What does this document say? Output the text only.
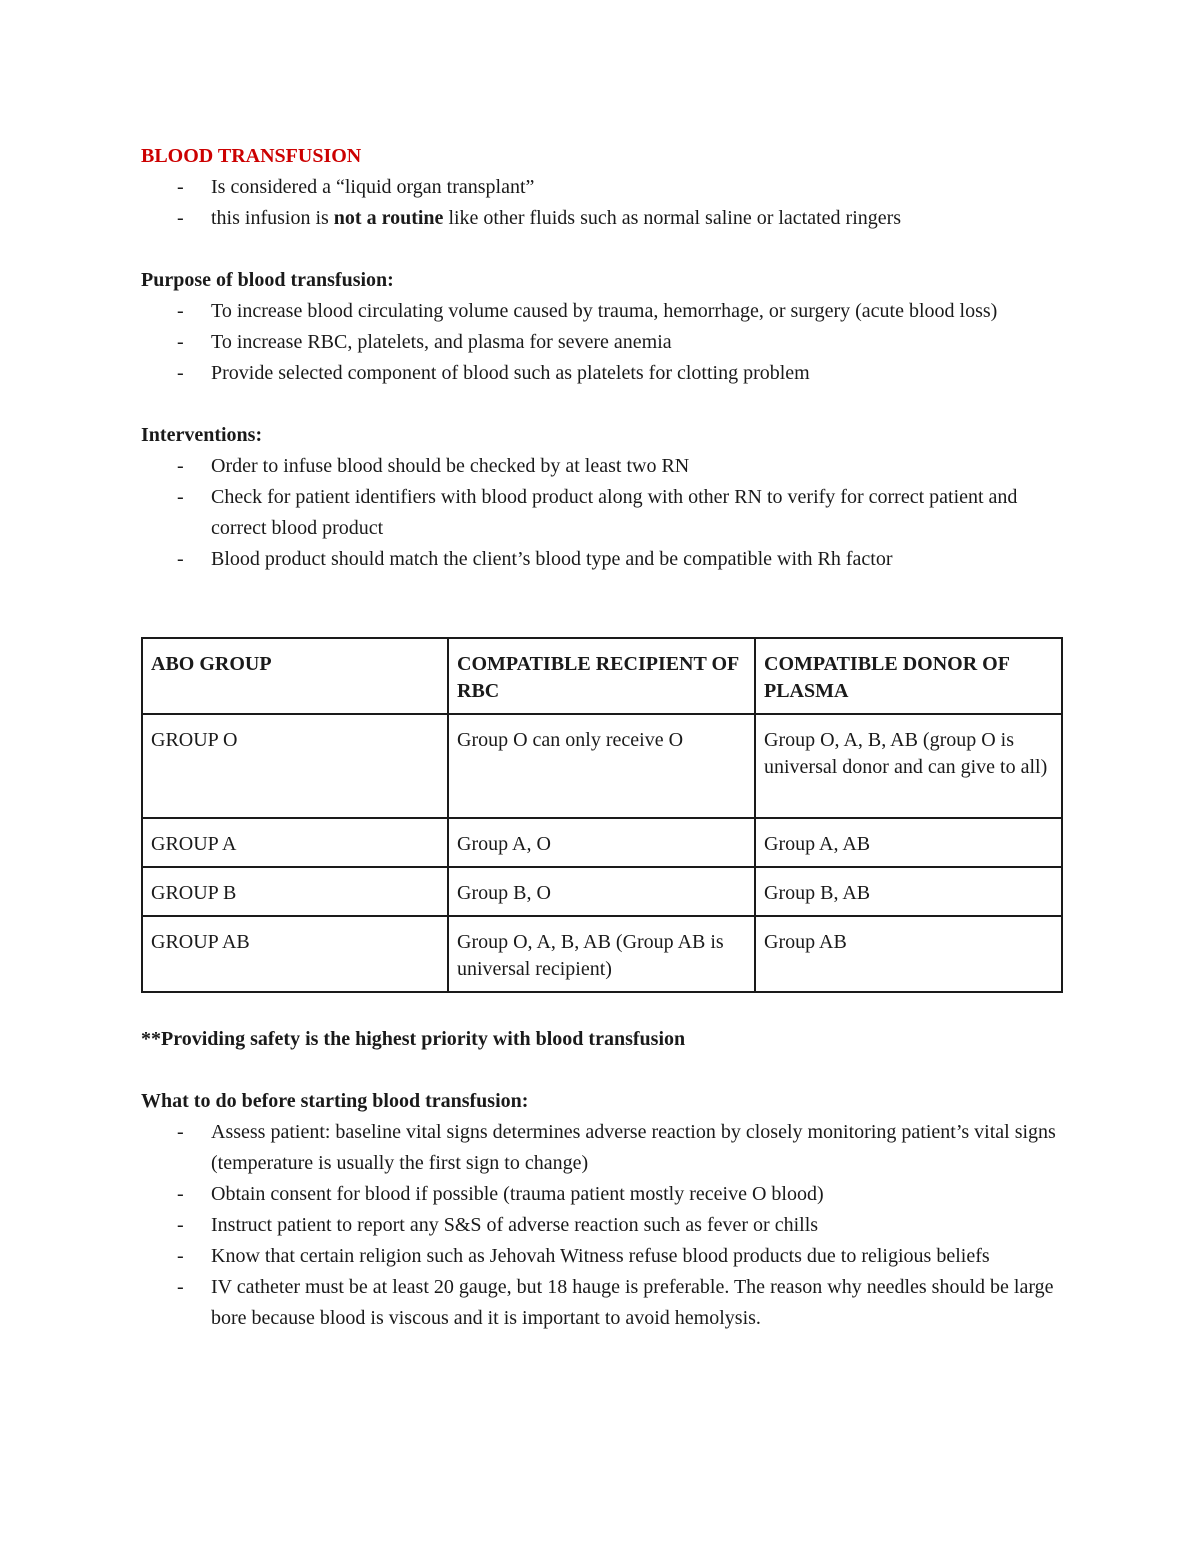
BLOOD TRANSFUSION
- Is considered a “liquid organ transplant”
- this infusion is not a routine like other fluids such as normal saline or lactated ringers
Purpose of blood transfusion:
- To increase blood circulating volume caused by trauma, hemorrhage, or surgery (acute blood loss)
- To increase RBC, platelets, and plasma for severe anemia
- Provide selected component of blood such as platelets for clotting problem
Interventions:
- Order to infuse blood should be checked by at least two RN
- Check for patient identifiers with blood product along with other RN to verify for correct patient and correct blood product
- Blood product should match the client’s blood type and be compatible with Rh factor
ABO GROUP	COMPATIBLE RECIPIENT OF RBC	COMPATIBLE DONOR OF PLASMA
GROUP O	Group O can only receive O	Group O, A, B, AB (group O is universal donor and can give to all)
GROUP A	Group A, O	Group A, AB
GROUP B	Group B, O	Group B, AB
GROUP AB	Group O, A, B, AB (Group AB is universal recipient)	Group AB
**Providing safety is the highest priority with blood transfusion
What to do before starting blood transfusion:
- Assess patient: baseline vital signs determines adverse reaction by closely monitoring patient’s vital signs (temperature is usually the first sign to change)
- Obtain consent for blood if possible (trauma patient mostly receive O blood)
- Instruct patient to report any S&S of adverse reaction such as fever or chills
- Know that certain religion such as Jehovah Witness refuse blood products due to religious beliefs
- IV catheter must be at least 20 gauge, but 18 hauge is preferable. The reason why needles should be large bore because blood is viscous and it is important to avoid hemolysis.
